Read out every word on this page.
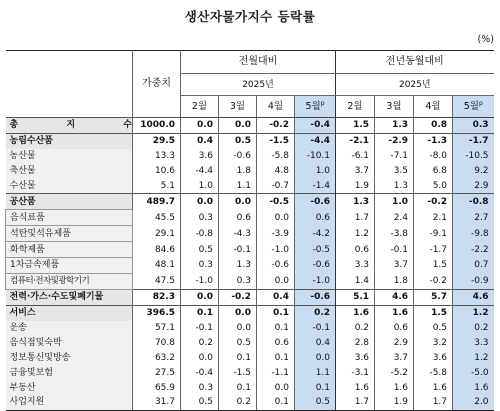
생산자물가지수 등락률
(%)
	가중치	전월대비				전년동월대비			
		2025년				2025년			
		2월	3월	4월	5월$^p$	2월	3월	4월	5월$^p$
총 지 수	1000.0	0.0	0.0	-0.2	-0.4	1.5	1.3	0.8	0.3
농림수산품	29.5	0.4	0.5	-1.5	-4.4	-2.1	-2.9	-1.3	-1.7
농산물	13.3	3.6	-0.6	-5.8	-10.1	-6.1	-7.1	-8.0	-10.5
축산물	10.6	-4.4	1.8	4.8	1.0	3.7	3.5	6.8	9.2
수산물	5.1	1.0	1.1	-0.7	-1.4	1.9	1.3	5.0	2.9
공산품	489.7	0.0	0.0	-0.5	-0.6	1.3	1.0	-0.2	-0.8
음식료품	45.5	0.3	0.6	0.0	0.6	1.7	2.4	2.1	2.7
석탄및석유제품	29.1	-0.8	-4.3	-3.9	-4.2	1.2	-3.8	-9.1	-9.8
화학제품	84.6	0.5	-0.1	-1.0	-0.5	0.6	-0.1	-1.7	-2.2
1차금속제품	48.1	0.3	1.3	-0.6	-0.6	3.3	3.7	1.5	0.7
컴퓨터·전자및광학기기	47.5	-1.0	0.3	0.0	-1.0	1.4	1.8	-0.2	-0.9
전력·가스·수도및폐기물	82.3	0.0	-0.2	0.4	-0.6	5.1	4.6	5.7	4.6
서비스	396.5	0.1	0.0	0.1	0.2	1.6	1.6	1.5	1.2
운송	57.1	-0.1	0.0	0.1	-0.1	0.2	0.6	0.5	0.2
음식점및숙박	70.8	0.2	0.5	0.6	0.4	2.8	2.9	3.2	3.3
정보통신및방송	63.2	0.0	0.1	0.1	0.0	3.6	3.7	3.6	1.2
금융및보험	27.5	-0.4	-1.5	-1.1	1.1	-3.1	-5.2	-5.8	-5.0
부동산	65.9	0.3	0.1	0.0	0.1	1.6	1.6	1.6	1.6
사업지원	31.7	0.5	0.2	0.1	0.5	1.7	1.9	1.7	2.0
